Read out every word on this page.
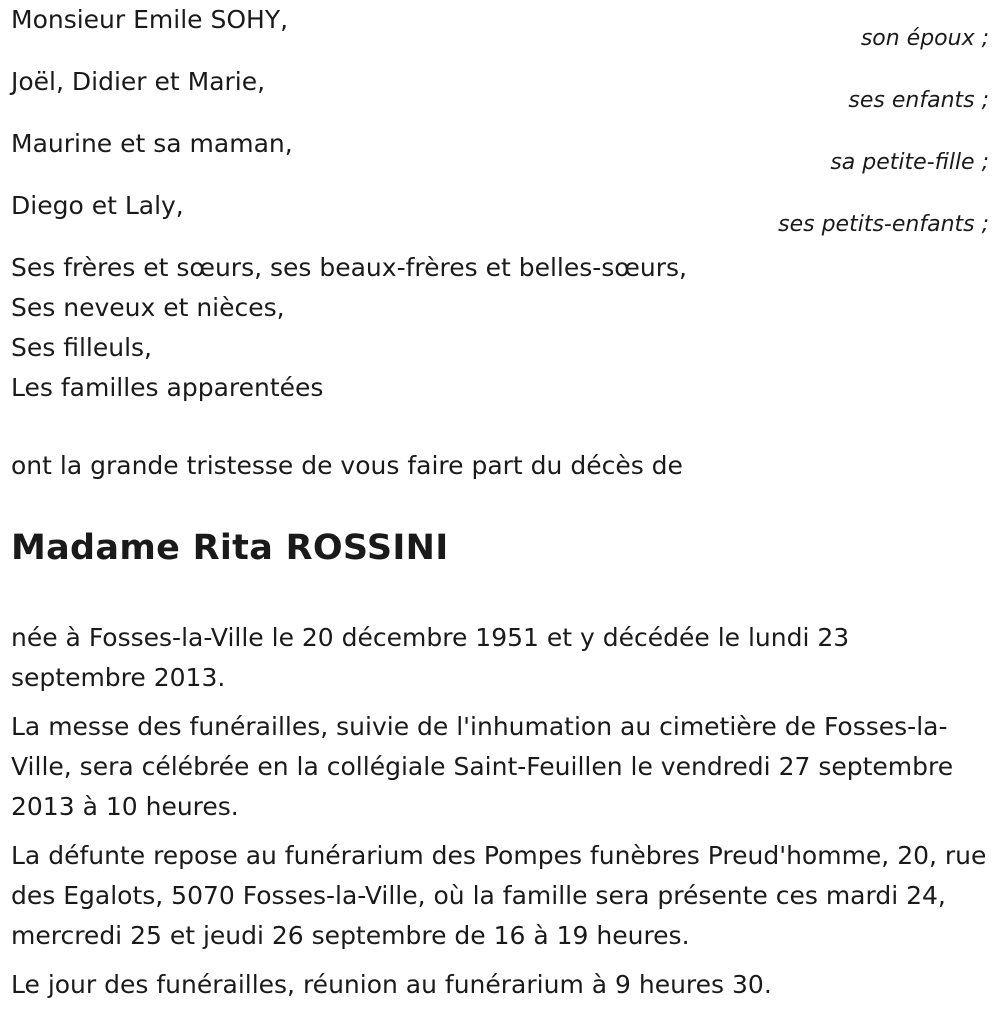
Monsieur Emile SOHY,
son époux ;
Joël, Didier et Marie,
ses enfants ;
Maurine et sa maman,
sa petite-fille ;
Diego et Laly,
ses petits-enfants ;
Ses frères et sœurs, ses beaux-frères et belles-sœurs,
Ses neveux et nièces,
Ses filleuls,
Les familles apparentées
ont la grande tristesse de vous faire part du décès de
Madame Rita ROSSINI

née à Fosses-la-Ville le 20 décembre 1951 et y décédée le lundi 23 septembre 2013.

La messe des funérailles, suivie de l'inhumation au cimetière de Fosses-la-Ville, sera célébrée en la collégiale Saint-Feuillen le vendredi 27 septembre 2013 à 10 heures.

La défunte repose au funérarium des Pompes funèbres Preud'homme, 20, rue des Egalots, 5070 Fosses-la-Ville, où la famille sera présente ces mardi 24, mercredi 25 et jeudi 26 septembre de 16 à 19 heures.

Le jour des funérailles, réunion au funérarium à 9 heures 30.
